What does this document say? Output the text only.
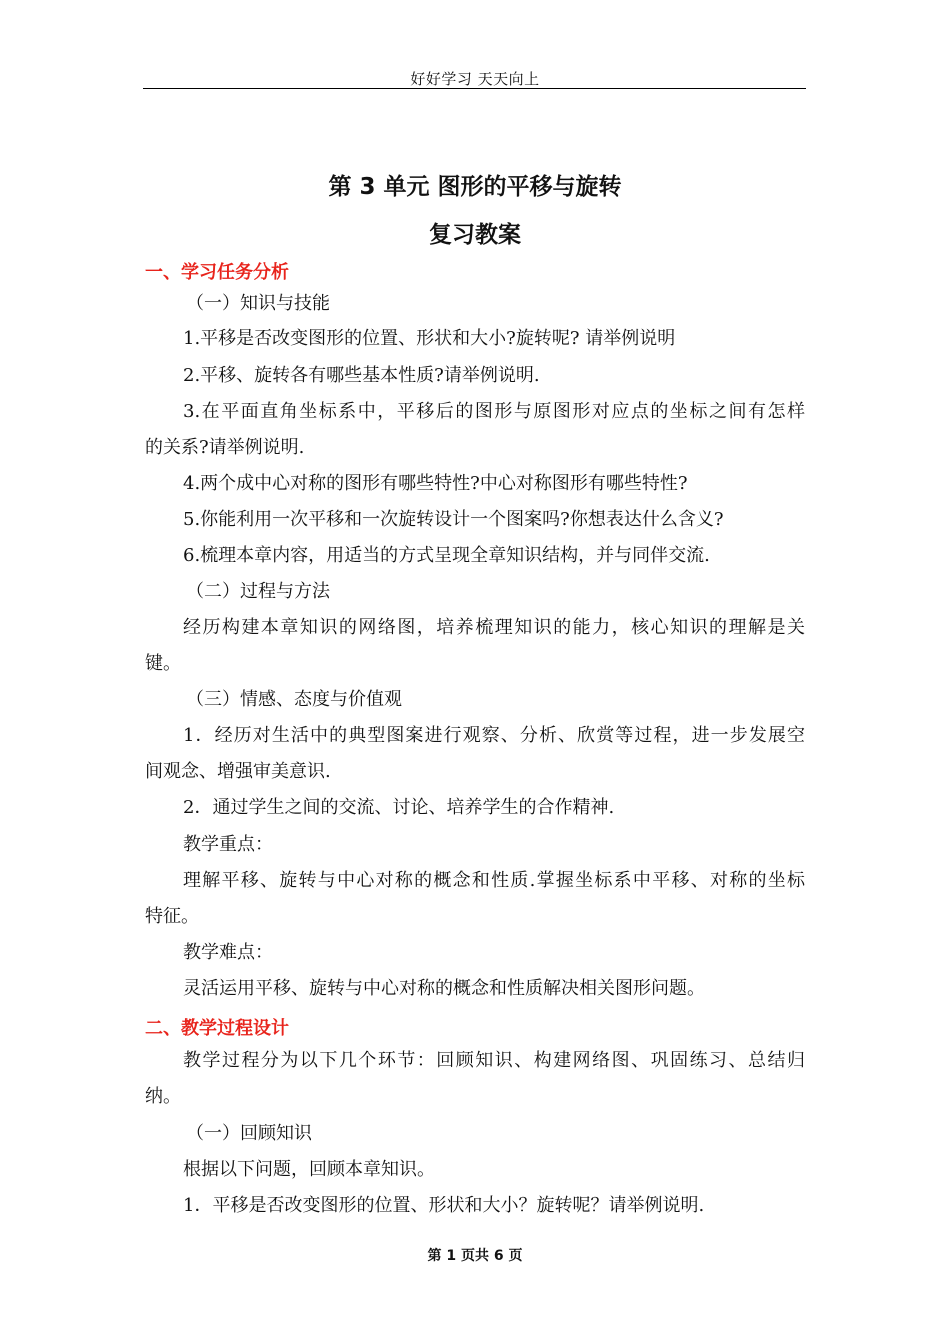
好好学习 天天向上
第 3 单元 图形的平移与旋转
复习教案
一、学习任务分析
（一）知识与技能
1.平移是否改变图形的位置、形状和大小?旋转呢? 请举例说明
2.平移、旋转各有哪些基本性质?请举例说明.
3.在平面直角坐标系中，平移后的图形与原图形对应点的坐标之间有怎样
的关系?请举例说明.
4.两个成中心对称的图形有哪些特性?中心对称图形有哪些特性?
5.你能利用一次平移和一次旋转设计一个图案吗?你想表达什么含义?
6.梳理本章内容，用适当的方式呈现全章知识结构，并与同伴交流.
（二）过程与方法
经历构建本章知识的网络图，培养梳理知识的能力，核心知识的理解是关
键。
（三）情感、态度与价值观
1．经历对生活中的典型图案进行观察、分析、欣赏等过程，进一步发展空
间观念、增强审美意识.
2．通过学生之间的交流、讨论、培养学生的合作精神.
教学重点：
理解平移、旋转与中心对称的概念和性质.掌握坐标系中平移、对称的坐标
特征。
教学难点：
灵活运用平移、旋转与中心对称的概念和性质解决相关图形问题。
二、教学过程设计
教学过程分为以下几个环节：回顾知识、构建网络图、巩固练习、总结归
纳。
（一）回顾知识
根据以下问题，回顾本章知识。
1．平移是否改变图形的位置、形状和大小？旋转呢？请举例说明.
第 1 页共 6 页
